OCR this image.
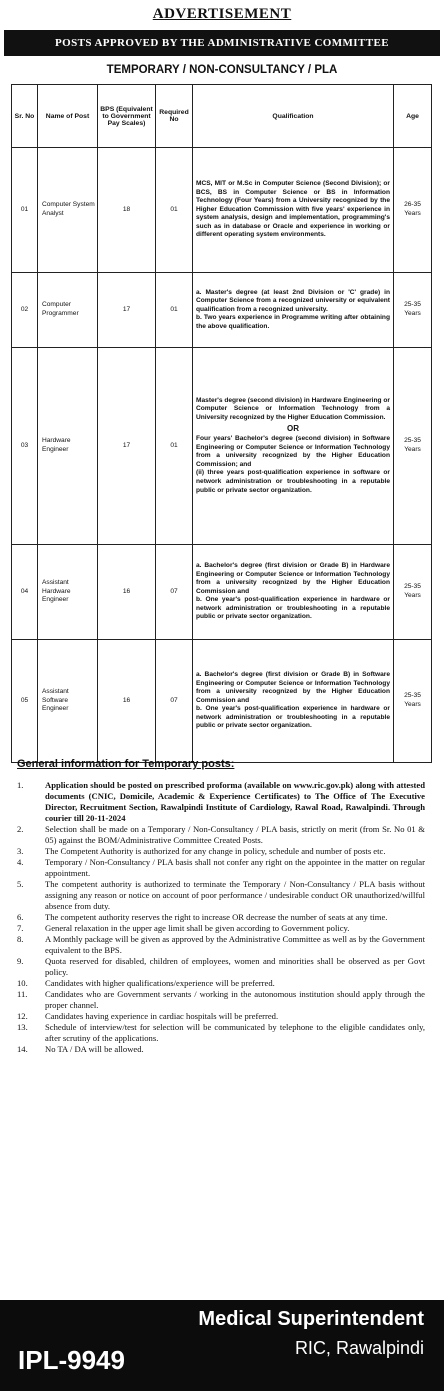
ADVERTISEMENT
POSTS APPROVED BY THE ADMINISTRATIVE COMMITTEE
TEMPORARY / NON-CONSULTANCY / PLA
Sr. No	Name of Post	BPS (Equivalent to Government Pay Scales)	Required No	Qualification	Age
01	Computer System Analyst	18	01	MCS, MIT or M.Sc in Computer Science (Second Division); or BCS, BS in Computer Science or BS in Information Technology (Four Years) from a University recognized by the Higher Education Commission with five years' experience in system analysis, design and implementation, programming's such as in database or Oracle and experience in working or different operating system environments.	26-35 Years
02	Computer Programmer	17	01	a. Master's degree (at least 2nd Division or 'C' grade) in Computer Science from a recognized university or equivalent qualification from a recognized university.
b. Two years experience in Programme writing after obtaining the above qualification.	25-35 Years
03	Hardware Engineer	17	01	Master's degree (second division) in Hardware Engineering or Computer Science or Information Technology from a University recognized by the Higher Education Commission.
OR
Four years' Bachelor's degree (second division) in Software Engineering or Computer Science or Information Technology from a university recognized by the Higher Education Commission; and
(ii) three years post-qualification experience in software or network administration or troubleshooting in a reputable public or private sector organization.	25-35 Years
04	Assistant Hardware Engineer	16	07	a. Bachelor's degree (first division or Grade B) in Hardware Engineering or Computer Science or Information Technology from a university recognized by the Higher Education Commission and
b. One year's post-qualification experience in hardware or network administration or troubleshooting in a reputable public or private sector organization.	25-35 Years
05	Assistant Software Engineer	16	07	a. Bachelor's degree (first division or Grade B) in Software Engineering or Computer Science or Information Technology from a university recognized by the Higher Education Commission and
b. One year's post-qualification experience in hardware or network administration or troubleshooting in a reputable public or private sector organization.	25-35 Years
General information for Temporary posts:
1.	Application should be posted on prescribed proforma (available on www.ric.gov.pk) along with attested documents (CNIC, Domicile, Academic & Experience Certificates) to The Office of The Executive Director, Recruitment Section, Rawalpindi Institute of Cardiology, Rawal Road, Rawalpindi. Through courier till 20-11-2024
2.	Selection shall be made on a Temporary / Non-Consultancy / PLA basis, strictly on merit (from Sr. No 01 & 05) against the BOM/Administrative Committee Created Posts.
3.	The Competent Authority is authorized for any change in policy, schedule and number of posts etc.
4.	Temporary / Non-Consultancy / PLA basis shall not confer any right on the appointee in the matter on regular appointment.
5.	The competent authority is authorized to terminate the Temporary / Non-Consultancy / PLA basis without assigning any reason or notice on account of poor performance / undesirable conduct OR unauthorized/willful absence from duty.
6.	The competent authority reserves the right to increase OR decrease the number of seats at any time.
7.	General relaxation in the upper age limit shall be given according to Government policy.
8.	A Monthly package will be given as approved by the Administrative Committee as well as by the Government equivalent to the BPS.
9.	Quota reserved for disabled, children of employees, women and minorities shall be observed as per Govt policy.
10.	Candidates with higher qualifications/experience will be preferred.
11.	Candidates who are Government servants / working in the autonomous institution should apply through the proper channel.
12.	Candidates having experience in cardiac hospitals will be preferred.
13.	Schedule of interview/test for selection will be communicated by telephone to the eligible candidates only, after scrutiny of the applications.
14.	No TA / DA will be allowed.
IPL-9949
Medical Superintendent
RIC, Rawalpindi
